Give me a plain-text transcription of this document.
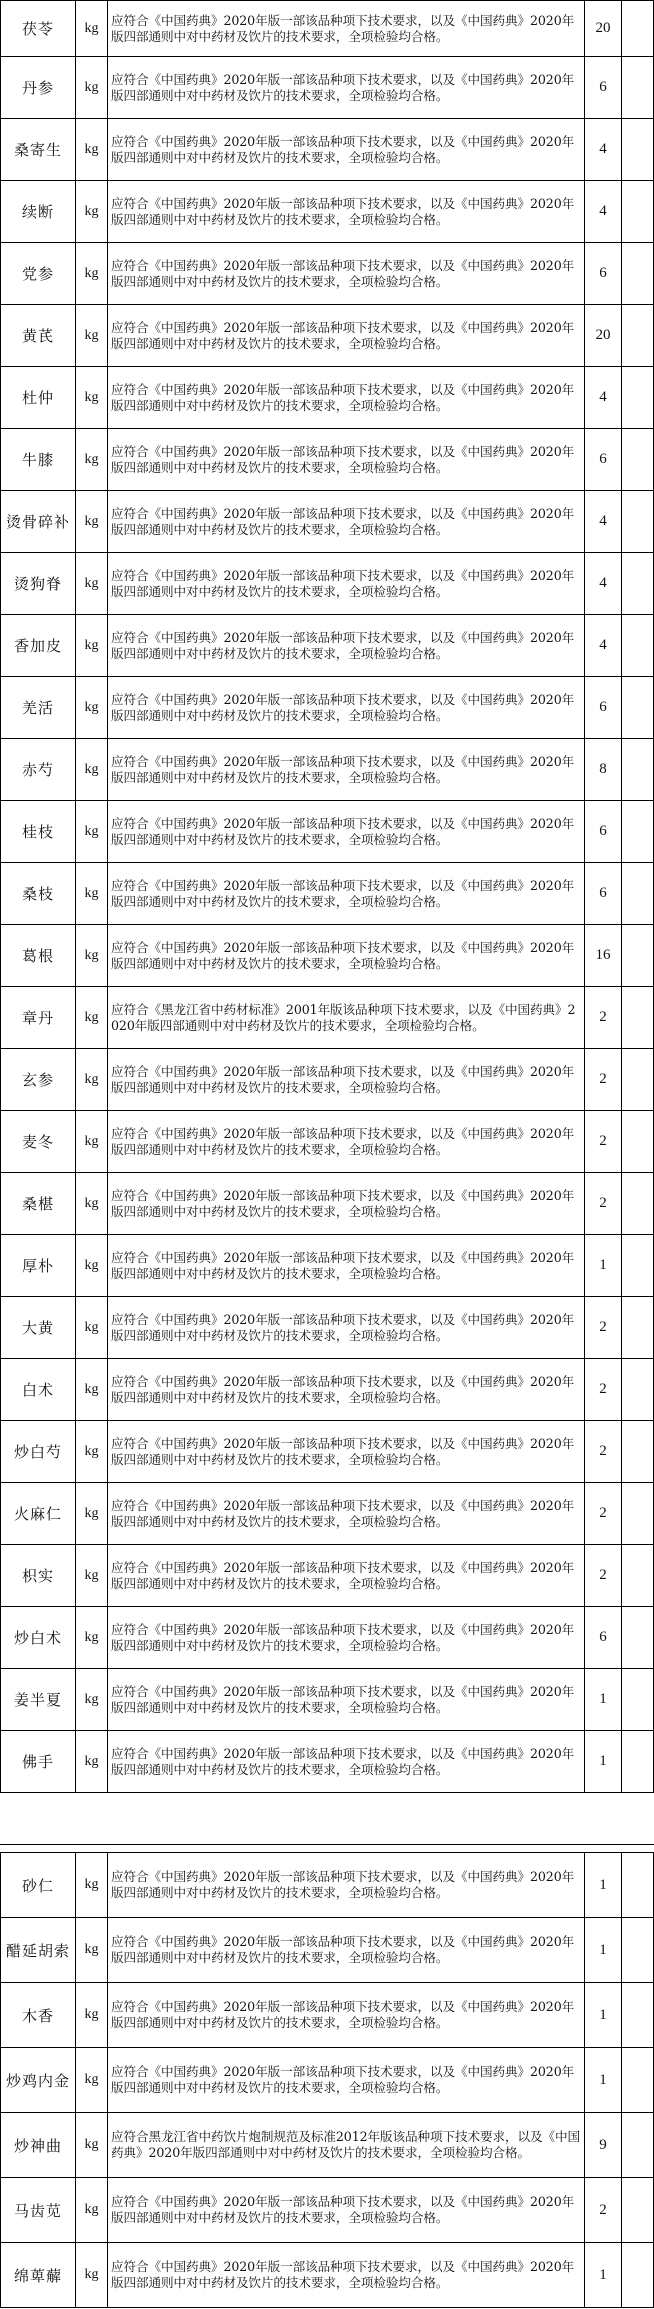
茯苓	kg	应符合《中国药典》2020年版一部该品种项下技术要求，以及《中国药典》2020年版四部通则中对中药材及饮片的技术要求，全项检验均合格。	20	
丹参	kg	应符合《中国药典》2020年版一部该品种项下技术要求，以及《中国药典》2020年版四部通则中对中药材及饮片的技术要求，全项检验均合格。	6	
桑寄生	kg	应符合《中国药典》2020年版一部该品种项下技术要求，以及《中国药典》2020年版四部通则中对中药材及饮片的技术要求，全项检验均合格。	4	
续断	kg	应符合《中国药典》2020年版一部该品种项下技术要求，以及《中国药典》2020年版四部通则中对中药材及饮片的技术要求，全项检验均合格。	4	
党参	kg	应符合《中国药典》2020年版一部该品种项下技术要求，以及《中国药典》2020年版四部通则中对中药材及饮片的技术要求，全项检验均合格。	6	
黄芪	kg	应符合《中国药典》2020年版一部该品种项下技术要求，以及《中国药典》2020年版四部通则中对中药材及饮片的技术要求，全项检验均合格。	20	
杜仲	kg	应符合《中国药典》2020年版一部该品种项下技术要求，以及《中国药典》2020年版四部通则中对中药材及饮片的技术要求，全项检验均合格。	4	
牛膝	kg	应符合《中国药典》2020年版一部该品种项下技术要求，以及《中国药典》2020年版四部通则中对中药材及饮片的技术要求，全项检验均合格。	6	
烫骨碎补	kg	应符合《中国药典》2020年版一部该品种项下技术要求，以及《中国药典》2020年版四部通则中对中药材及饮片的技术要求，全项检验均合格。	4	
烫狗脊	kg	应符合《中国药典》2020年版一部该品种项下技术要求，以及《中国药典》2020年版四部通则中对中药材及饮片的技术要求，全项检验均合格。	4	
香加皮	kg	应符合《中国药典》2020年版一部该品种项下技术要求，以及《中国药典》2020年版四部通则中对中药材及饮片的技术要求，全项检验均合格。	4	
羌活	kg	应符合《中国药典》2020年版一部该品种项下技术要求，以及《中国药典》2020年版四部通则中对中药材及饮片的技术要求，全项检验均合格。	6	
赤芍	kg	应符合《中国药典》2020年版一部该品种项下技术要求，以及《中国药典》2020年版四部通则中对中药材及饮片的技术要求，全项检验均合格。	8	
桂枝	kg	应符合《中国药典》2020年版一部该品种项下技术要求，以及《中国药典》2020年版四部通则中对中药材及饮片的技术要求，全项检验均合格。	6	
桑枝	kg	应符合《中国药典》2020年版一部该品种项下技术要求，以及《中国药典》2020年版四部通则中对中药材及饮片的技术要求，全项检验均合格。	6	
葛根	kg	应符合《中国药典》2020年版一部该品种项下技术要求，以及《中国药典》2020年版四部通则中对中药材及饮片的技术要求，全项检验均合格。	16	
章丹	kg	应符合《黑龙江省中药材标准》2001年版该品种项下技术要求，以及《中国药典》2020年版四部通则中对中药材及饮片的技术要求，全项检验均合格。	2	
玄参	kg	应符合《中国药典》2020年版一部该品种项下技术要求，以及《中国药典》2020年版四部通则中对中药材及饮片的技术要求，全项检验均合格。	2	
麦冬	kg	应符合《中国药典》2020年版一部该品种项下技术要求，以及《中国药典》2020年版四部通则中对中药材及饮片的技术要求，全项检验均合格。	2	
桑椹	kg	应符合《中国药典》2020年版一部该品种项下技术要求，以及《中国药典》2020年版四部通则中对中药材及饮片的技术要求，全项检验均合格。	2	
厚朴	kg	应符合《中国药典》2020年版一部该品种项下技术要求，以及《中国药典》2020年版四部通则中对中药材及饮片的技术要求，全项检验均合格。	1	
大黄	kg	应符合《中国药典》2020年版一部该品种项下技术要求，以及《中国药典》2020年版四部通则中对中药材及饮片的技术要求，全项检验均合格。	2	
白术	kg	应符合《中国药典》2020年版一部该品种项下技术要求，以及《中国药典》2020年版四部通则中对中药材及饮片的技术要求，全项检验均合格。	2	
炒白芍	kg	应符合《中国药典》2020年版一部该品种项下技术要求，以及《中国药典》2020年版四部通则中对中药材及饮片的技术要求，全项检验均合格。	2	
火麻仁	kg	应符合《中国药典》2020年版一部该品种项下技术要求，以及《中国药典》2020年版四部通则中对中药材及饮片的技术要求，全项检验均合格。	2	
枳实	kg	应符合《中国药典》2020年版一部该品种项下技术要求，以及《中国药典》2020年版四部通则中对中药材及饮片的技术要求，全项检验均合格。	2	
炒白术	kg	应符合《中国药典》2020年版一部该品种项下技术要求，以及《中国药典》2020年版四部通则中对中药材及饮片的技术要求，全项检验均合格。	6	
姜半夏	kg	应符合《中国药典》2020年版一部该品种项下技术要求，以及《中国药典》2020年版四部通则中对中药材及饮片的技术要求，全项检验均合格。	1	
佛手	kg	应符合《中国药典》2020年版一部该品种项下技术要求，以及《中国药典》2020年版四部通则中对中药材及饮片的技术要求，全项检验均合格。	1	
砂仁	kg	应符合《中国药典》2020年版一部该品种项下技术要求，以及《中国药典》2020年版四部通则中对中药材及饮片的技术要求，全项检验均合格。	1	
醋延胡索	kg	应符合《中国药典》2020年版一部该品种项下技术要求，以及《中国药典》2020年版四部通则中对中药材及饮片的技术要求，全项检验均合格。	1	
木香	kg	应符合《中国药典》2020年版一部该品种项下技术要求，以及《中国药典》2020年版四部通则中对中药材及饮片的技术要求，全项检验均合格。	1	
炒鸡内金	kg	应符合《中国药典》2020年版一部该品种项下技术要求，以及《中国药典》2020年版四部通则中对中药材及饮片的技术要求，全项检验均合格。	1	
炒神曲	kg	应符合黑龙江省中药饮片炮制规范及标准2012年版该品种项下技术要求，以及《中国药典》2020年版四部通则中对中药材及饮片的技术要求，全项检验均合格。	9	
马齿苋	kg	应符合《中国药典》2020年版一部该品种项下技术要求，以及《中国药典》2020年版四部通则中对中药材及饮片的技术要求，全项检验均合格。	2	
绵萆薢	kg	应符合《中国药典》2020年版一部该品种项下技术要求，以及《中国药典》2020年版四部通则中对中药材及饮片的技术要求，全项检验均合格。	1	
